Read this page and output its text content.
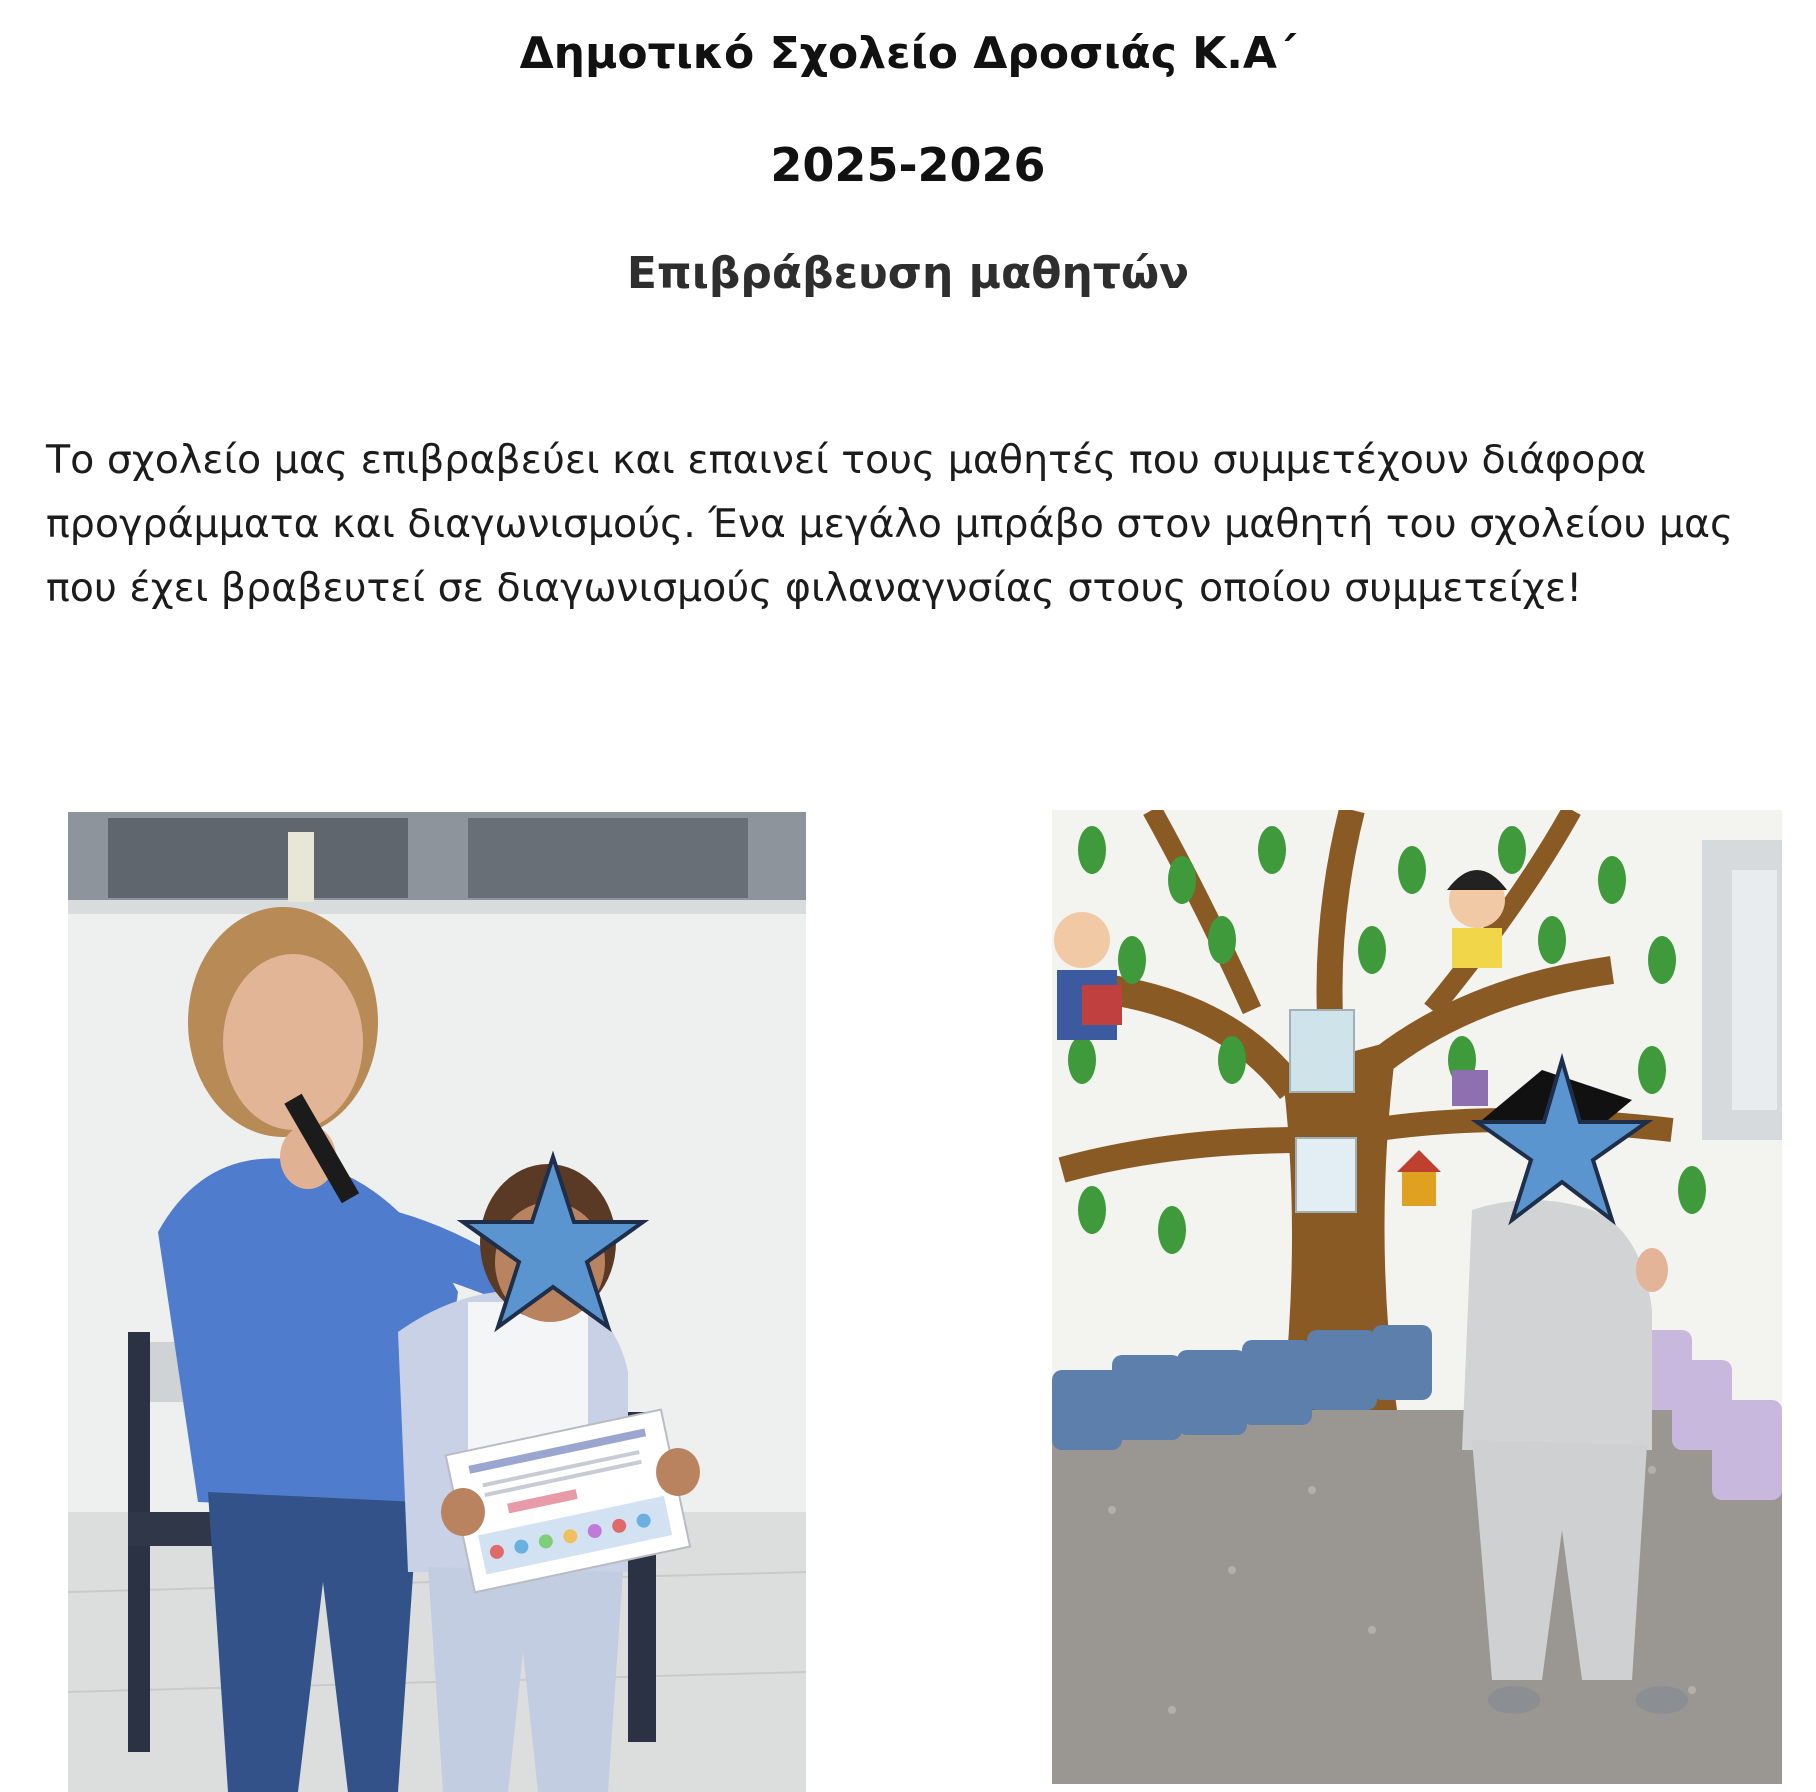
Δημοτικό Σχολείο Δροσιάς Κ.Α΄
2025-2026
Επιβράβευση μαθητών

Το σχολείο μας επιβραβεύει και επαινεί τους μαθητές που συμμετέχουν διάφορα προγράμματα και διαγωνισμούς. Ένα μεγάλο μπράβο στον μαθητή του σχολείου μας που έχει βραβευτεί σε διαγωνισμούς φιλαναγνσίας στους οποίου συμμετείχε!
